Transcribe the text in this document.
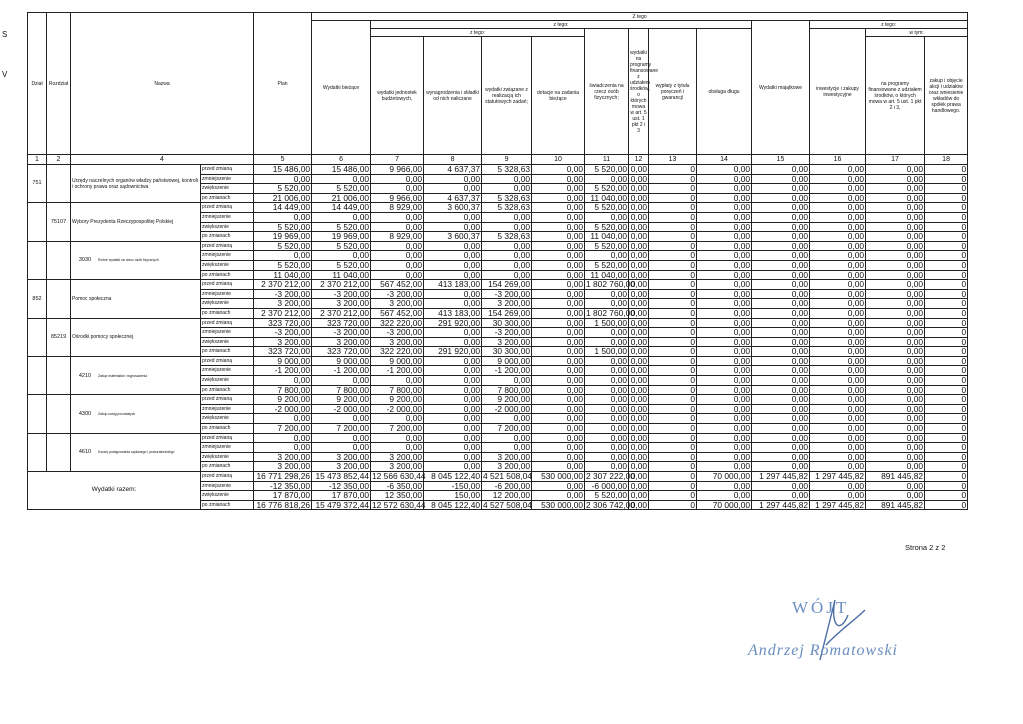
S
V
Dział	Rozdział	Nazwa		Plan	Z tego												
					Wydatki bieżące	z tego:								Wydatki majątkowe	z tego:		
						z tego:				świadczenia na rzecz osób fizycznych;	wydatki na programy finansowane z udziałem środków, o których mowa w art. 5 ust. 1 pkt 2 i 3	wypłaty z tytułu poręczeń i gwarancji	obsługa długu		inwestycje i zakupy inwestycyjne	w tym:	
						wydatki jednostek budżetowych,	wynagrodzenia i składki od nich naliczane	wydatki związane z realizacją ich statutowych zadań;	dotacje na zadania bieżące							na programy finansowane z udziałem środków, o których mowa w art. 5 ust. 1 pkt 2 i 3,	zakup i objęcie akcji i udziałów oraz wniesienie wkładów do spółek prawa handlowego.
1	2	4		5	6	7	8	9	10	11	12	13	14	15	16	17	18
751		Urzędy naczelnych organów władzy państwowej, kontroli i ochrony prawa oraz sądownictwa	przed zmianą	15 486,00	15 486,00	9 966,00	4 637,37	5 328,63	0,00	5 520,00	0,00	0	0,00	0,00	0,00	0,00	0
			zmniejszenie	0,00	0,00	0,00	0,00	0,00	0,00	0,00	0,00	0	0,00	0,00	0,00	0,00	0
			zwiększenie	5 520,00	5 520,00	0,00	0,00	0,00	0,00	5 520,00	0,00	0	0,00	0,00	0,00	0,00	0
			po zmianach	21 006,00	21 006,00	9 966,00	4 637,37	5 328,63	0,00	11 040,00	0,00	0	0,00	0,00	0,00	0,00	0
	75107	Wybory Prezydenta Rzeczypospolitej Polskiej	przed zmianą	14 449,00	14 449,00	8 929,00	3 600,37	5 328,63	0,00	5 520,00	0,00	0	0,00	0,00	0,00	0,00	0
			zmniejszenie	0,00	0,00	0,00	0,00	0,00	0,00	0,00	0,00	0	0,00	0,00	0,00	0,00	0
			zwiększenie	5 520,00	5 520,00	0,00	0,00	0,00	0,00	5 520,00	0,00	0	0,00	0,00	0,00	0,00	0
			po zmianach	19 969,00	19 969,00	8 929,00	3 600,37	5 328,63	0,00	11 040,00	0,00	0	0,00	0,00	0,00	0,00	0
		3030 Różne wydatki na rzecz osób fizycznych	przed zmianą	5 520,00	5 520,00	0,00	0,00	0,00	0,00	5 520,00	0,00	0	0,00	0,00	0,00	0,00	0
			zmniejszenie	0,00	0,00	0,00	0,00	0,00	0,00	0,00	0,00	0	0,00	0,00	0,00	0,00	0
			zwiększenie	5 520,00	5 520,00	0,00	0,00	0,00	0,00	5 520,00	0,00	0	0,00	0,00	0,00	0,00	0
			po zmianach	11 040,00	11 040,00	0,00	0,00	0,00	0,00	11 040,00	0,00	0	0,00	0,00	0,00	0,00	0
852		Pomoc społeczna	przed zmianą	2 370 212,00	2 370 212,00	567 452,00	413 183,00	154 269,00	0,00	1 802 760,00	0,00	0	0,00	0,00	0,00	0,00	0
			zmniejszenie	-3 200,00	-3 200,00	-3 200,00	0,00	-3 200,00	0,00	0,00	0,00	0	0,00	0,00	0,00	0,00	0
			zwiększenie	3 200,00	3 200,00	3 200,00	0,00	3 200,00	0,00	0,00	0,00	0	0,00	0,00	0,00	0,00	0
			po zmianach	2 370 212,00	2 370 212,00	567 452,00	413 183,00	154 269,00	0,00	1 802 760,00	0,00	0	0,00	0,00	0,00	0,00	0
	85219	Ośrodki pomocy społecznej	przed zmianą	323 720,00	323 720,00	322 220,00	291 920,00	30 300,00	0,00	1 500,00	0,00	0	0,00	0,00	0,00	0,00	0
			zmniejszenie	-3 200,00	-3 200,00	-3 200,00	0,00	-3 200,00	0,00	0,00	0,00	0	0,00	0,00	0,00	0,00	0
			zwiększenie	3 200,00	3 200,00	3 200,00	0,00	3 200,00	0,00	0,00	0,00	0	0,00	0,00	0,00	0,00	0
			po zmianach	323 720,00	323 720,00	322 220,00	291 920,00	30 300,00	0,00	1 500,00	0,00	0	0,00	0,00	0,00	0,00	0
		4210 Zakup materiałów i wyposażenia	przed zmianą	9 000,00	9 000,00	9 000,00	0,00	9 000,00	0,00	0,00	0,00	0	0,00	0,00	0,00	0,00	0
			zmniejszenie	-1 200,00	-1 200,00	-1 200,00	0,00	-1 200,00	0,00	0,00	0,00	0	0,00	0,00	0,00	0,00	0
			zwiększenie	0,00	0,00	0,00	0,00	0,00	0,00	0,00	0,00	0	0,00	0,00	0,00	0,00	0
			po zmianach	7 800,00	7 800,00	7 800,00	0,00	7 800,00	0,00	0,00	0,00	0	0,00	0,00	0,00	0,00	0
		4300 Zakup usług pozostałych	przed zmianą	9 200,00	9 200,00	9 200,00	0,00	9 200,00	0,00	0,00	0,00	0	0,00	0,00	0,00	0,00	0
			zmniejszenie	-2 000,00	-2 000,00	-2 000,00	0,00	-2 000,00	0,00	0,00	0,00	0	0,00	0,00	0,00	0,00	0
			zwiększenie	0,00	0,00	0,00	0,00	0,00	0,00	0,00	0,00	0	0,00	0,00	0,00	0,00	0
			po zmianach	7 200,00	7 200,00	7 200,00	0,00	7 200,00	0,00	0,00	0,00	0	0,00	0,00	0,00	0,00	0
		4610 Koszty postępowania sądowego i prokuratorskiego	przed zmianą	0,00	0,00	0,00	0,00	0,00	0,00	0,00	0,00	0	0,00	0,00	0,00	0,00	0
			zmniejszenie	0,00	0,00	0,00	0,00	0,00	0,00	0,00	0,00	0	0,00	0,00	0,00	0,00	0
			zwiększenie	3 200,00	3 200,00	3 200,00	0,00	3 200,00	0,00	0,00	0,00	0	0,00	0,00	0,00	0,00	0
			po zmianach	3 200,00	3 200,00	3 200,00	0,00	3 200,00	0,00	0,00	0,00	0	0,00	0,00	0,00	0,00	0
Wydatki razem:			przed zmianą	16 771 298,26	15 473 852,44	12 566 630,44	8 045 122,40	4 521 508,04	530 000,00	2 307 222,00	0,00	0	70 000,00	1 297 445,82	1 297 445,82	891 445,82	0
			zmniejszenie	-12 350,00	-12 350,00	-6 350,00	-150,00	-6 200,00	0,00	-6 000,00	0,00	0	0,00	0,00	0,00	0,00	0
			zwiększenie	17 870,00	17 870,00	12 350,00	150,00	12 200,00	0,00	5 520,00	0,00	0	0,00	0,00	0,00	0,00	0
			po zmianach	16 776 818,26	15 479 372,44	12 572 630,44	8 045 122,40	4 527 508,04	530 000,00	2 306 742,00	0,00	0	70 000,00	1 297 445,82	1 297 445,82	891 445,82	0
Strona 2 z 2
WÓJT
Andrzej Romatowski
